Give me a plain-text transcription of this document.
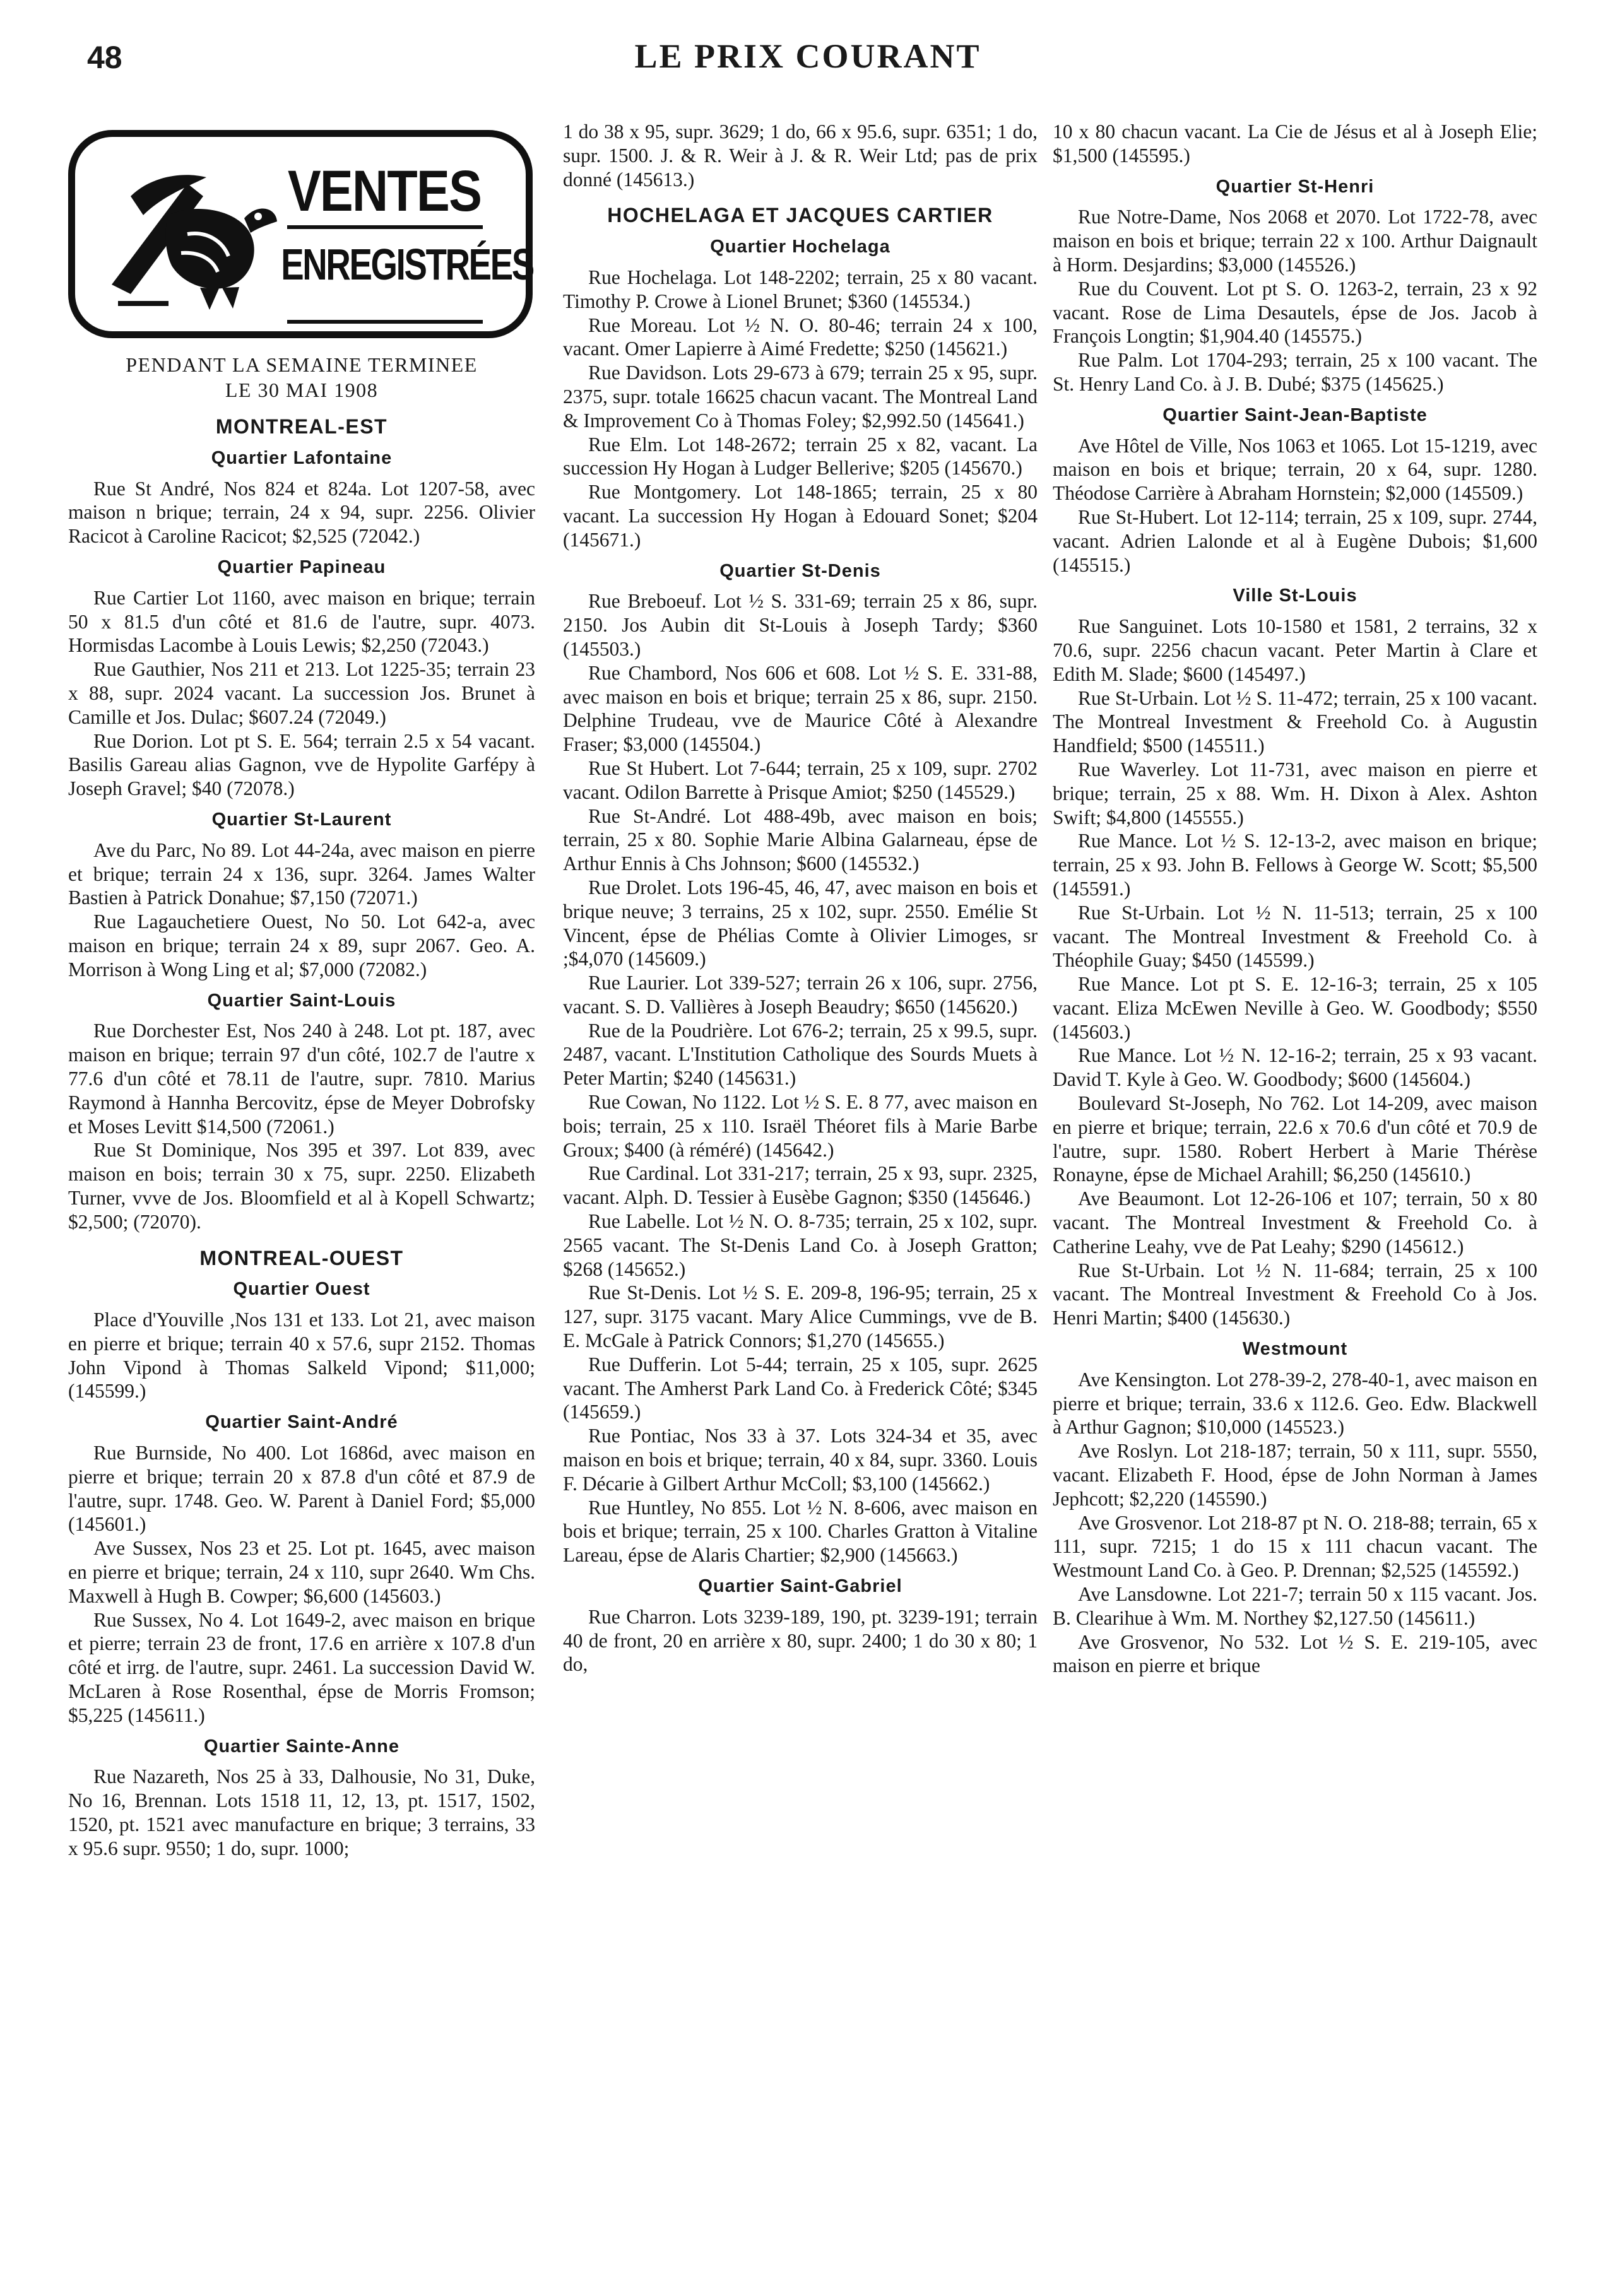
48	LE PRIX COURANT
VENTES
ENREGISTRÉES
PENDANT LA SEMAINE TERMINEE
LE 30 MAI 1908
MONTREAL-EST
Quartier Lafontaine

Rue St André, Nos 824 et 824a. Lot 1207-58, avec maison n brique; terrain, 24 x 94, supr. 2256. Olivier Racicot à Caroline Racicot; $2,525 (72042.)

Quartier Papineau

Rue Cartier Lot 1160, avec maison en brique; terrain 50 x 81.5 d'un côté et 81.6 de l'autre, supr. 4073. Hormisdas Lacombe à Louis Lewis; $2,250 (72043.)

Rue Gauthier, Nos 211 et 213. Lot 1225-35; terrain 23 x 88, supr. 2024 vacant. La succession Jos. Brunet à Camille et Jos. Dulac; $607.24 (72049.)

Rue Dorion. Lot pt S. E. 564; terrain 2.5 x 54 vacant. Basilis Gareau alias Gagnon, vve de Hypolite Garfépy à Joseph Gravel; $40 (72078.)

Quartier St-Laurent

Ave du Parc, No 89. Lot 44-24a, avec maison en pierre et brique; terrain 24 x 136, supr. 3264. James Walter Bastien à Patrick Donahue; $7,150 (72071.)

Rue Lagauchetiere Ouest, No 50. Lot 642-a, avec maison en brique; terrain 24 x 89, supr 2067. Geo. A. Morrison à Wong Ling et al; $7,000 (72082.)

Quartier Saint-Louis

Rue Dorchester Est, Nos 240 à 248. Lot pt. 187, avec maison en brique; terrain 97 d'un côté, 102.7 de l'autre x 77.6 d'un côté et 78.11 de l'autre, supr. 7810. Marius Raymond à Hannha Bercovitz, épse de Meyer Dobrofsky et Moses Levitt $14,500 (72061.)

Rue St Dominique, Nos 395 et 397. Lot 839, avec maison en bois; terrain 30 x 75, supr. 2250. Elizabeth Turner, vvve de Jos. Bloomfield et al à Kopell Schwartz; $2,500; (72070).

MONTREAL-OUEST
Quartier Ouest

Place d'Youville ,Nos 131 et 133. Lot 21, avec maison en pierre et brique; terrain 40 x 57.6, supr 2152. Thomas John Vipond à Thomas Salkeld Vipond; $11,000; (145599.)

Quartier Saint-André

Rue Burnside, No 400. Lot 1686d, avec maison en pierre et brique; terrain 20 x 87.8 d'un côté et 87.9 de l'autre, supr. 1748. Geo. W. Parent à Daniel Ford; $5,000 (145601.)

Ave Sussex, Nos 23 et 25. Lot pt. 1645, avec maison en pierre et brique; terrain, 24 x 110, supr 2640. Wm Chs. Maxwell à Hugh B. Cowper; $6,600 (145603.)

Rue Sussex, No 4. Lot 1649-2, avec maison en brique et pierre; terrain 23 de front, 17.6 en arrière x 107.8 d'un côté et irrg. de l'autre, supr. 2461. La succession David W. McLaren à Rose Rosenthal, épse de Morris Fromson; $5,225 (145611.)

Quartier Sainte-Anne

Rue Nazareth, Nos 25 à 33, Dalhousie, No 31, Duke, No 16, Brennan. Lots 1518 11, 12, 13, pt. 1517, 1502, 1520, pt. 1521 avec manufacture en brique; 3 terrains, 33 x 95.6 supr. 9550; 1 do, supr. 1000;

1 do 38 x 95, supr. 3629; 1 do, 66 x 95.6, supr. 6351; 1 do, supr. 1500. J. & R. Weir à J. & R. Weir Ltd; pas de prix donné (145613.)

HOCHELAGA ET JACQUES CARTIER
Quartier Hochelaga

Rue Hochelaga. Lot 148-2202; terrain, 25 x 80 vacant. Timothy P. Crowe à Lionel Brunet; $360 (145534.)

Rue Moreau. Lot ½ N. O. 80-46; terrain 24 x 100, vacant. Omer Lapierre à Aimé Fredette; $250 (145621.)

Rue Davidson. Lots 29-673 à 679; terrain 25 x 95, supr. 2375, supr. totale 16625 chacun vacant. The Montreal Land & Improvement Co à Thomas Foley; $2,992.50 (145641.)

Rue Elm. Lot 148-2672; terrain 25 x 82, vacant. La succession Hy Hogan à Ludger Bellerive; $205 (145670.)

Rue Montgomery. Lot 148-1865; terrain, 25 x 80 vacant. La succession Hy Hogan à Edouard Sonet; $204 (145671.)

Quartier St-Denis

Rue Breboeuf. Lot ½ S. 331-69; terrain 25 x 86, supr. 2150. Jos Aubin dit St-Louis à Joseph Tardy; $360 (145503.)

Rue Chambord, Nos 606 et 608. Lot ½ S. E. 331-88, avec maison en bois et brique; terrain 25 x 86, supr. 2150. Delphine Trudeau, vve de Maurice Côté à Alexandre Fraser; $3,000 (145504.)

Rue St Hubert. Lot 7-644; terrain, 25 x 109, supr. 2702 vacant. Odilon Barrette à Prisque Amiot; $250 (145529.)

Rue St-André. Lot 488-49b, avec maison en bois; terrain, 25 x 80. Sophie Marie Albina Galarneau, épse de Arthur Ennis à Chs Johnson; $600 (145532.)

Rue Drolet. Lots 196-45, 46, 47, avec maison en bois et brique neuve; 3 terrains, 25 x 102, supr. 2550. Emélie St Vincent, épse de Phélias Comte à Olivier Limoges, sr ;$4,070 (145609.)

Rue Laurier. Lot 339-527; terrain 26 x 106, supr. 2756, vacant. S. D. Vallières à Joseph Beaudry; $650 (145620.)

Rue de la Poudrière. Lot 676-2; terrain, 25 x 99.5, supr. 2487, vacant. L'Institution Catholique des Sourds Muets à Peter Martin; $240 (145631.)

Rue Cowan, No 1122. Lot ½ S. E. 8 77, avec maison en bois; terrain, 25 x 110. Israël Théoret fils à Marie Barbe Groux; $400 (à réméré) (145642.)

Rue Cardinal. Lot 331-217; terrain, 25 x 93, supr. 2325, vacant. Alph. D. Tessier à Eusèbe Gagnon; $350 (145646.)

Rue Labelle. Lot ½ N. O. 8-735; terrain, 25 x 102, supr. 2565 vacant. The St-Denis Land Co. à Joseph Gratton; $268 (145652.)

Rue St-Denis. Lot ½ S. E. 209-8, 196-95; terrain, 25 x 127, supr. 3175 vacant. Mary Alice Cummings, vve de B. E. McGale à Patrick Connors; $1,270 (145655.)

Rue Dufferin. Lot 5-44; terrain, 25 x 105, supr. 2625 vacant. The Amherst Park Land Co. à Frederick Côté; $345 (145659.)

Rue Pontiac, Nos 33 à 37. Lots 324-34 et 35, avec maison en bois et brique; terrain, 40 x 84, supr. 3360. Louis F. Décarie à Gilbert Arthur McColl; $3,100 (145662.)

Rue Huntley, No 855. Lot ½ N. 8-606, avec maison en bois et brique; terrain, 25 x 100. Charles Gratton à Vitaline Lareau, épse de Alaris Chartier; $2,900 (145663.)

Quartier Saint-Gabriel

Rue Charron. Lots 3239-189, 190, pt. 3239-191; terrain 40 de front, 20 en arrière x 80, supr. 2400; 1 do 30 x 80; 1 do,

10 x 80 chacun vacant. La Cie de Jésus et al à Joseph Elie; $1,500 (145595.)

Quartier St-Henri

Rue Notre-Dame, Nos 2068 et 2070. Lot 1722-78, avec maison en bois et brique; terrain 22 x 100. Arthur Daignault à Horm. Desjardins; $3,000 (145526.)

Rue du Couvent. Lot pt S. O. 1263-2, terrain, 23 x 92 vacant. Rose de Lima Desautels, épse de Jos. Jacob à François Longtin; $1,904.40 (145575.)

Rue Palm. Lot 1704-293; terrain, 25 x 100 vacant. The St. Henry Land Co. à J. B. Dubé; $375 (145625.)

Quartier Saint-Jean-Baptiste

Ave Hôtel de Ville, Nos 1063 et 1065. Lot 15-1219, avec maison en bois et brique; terrain, 20 x 64, supr. 1280. Théodose Carrière à Abraham Hornstein; $2,000 (145509.)

Rue St-Hubert. Lot 12-114; terrain, 25 x 109, supr. 2744, vacant. Adrien Lalonde et al à Eugène Dubois; $1,600 (145515.)

Ville St-Louis

Rue Sanguinet. Lots 10-1580 et 1581, 2 terrains, 32 x 70.6, supr. 2256 chacun vacant. Peter Martin à Clare et Edith M. Slade; $600 (145497.)

Rue St-Urbain. Lot ½ S. 11-472; terrain, 25 x 100 vacant. The Montreal Investment & Freehold Co. à Augustin Handfield; $500 (145511.)

Rue Waverley. Lot 11-731, avec maison en pierre et brique; terrain, 25 x 88. Wm. H. Dixon à Alex. Ashton Swift; $4,800 (145555.)

Rue Mance. Lot ½ S. 12-13-2, avec maison en brique; terrain, 25 x 93. John B. Fellows à George W. Scott; $5,500 (145591.)

Rue St-Urbain. Lot ½ N. 11-513; terrain, 25 x 100 vacant. The Montreal Investment & Freehold Co. à Théophile Guay; $450 (145599.)

Rue Mance. Lot pt S. E. 12-16-3; terrain, 25 x 105 vacant. Eliza McEwen Neville à Geo. W. Goodbody; $550 (145603.)

Rue Mance. Lot ½ N. 12-16-2; terrain, 25 x 93 vacant. David T. Kyle à Geo. W. Goodbody; $600 (145604.)

Boulevard St-Joseph, No 762. Lot 14-209, avec maison en pierre et brique; terrain, 22.6 x 70.6 d'un côté et 70.9 de l'autre, supr. 1580. Robert Herbert à Marie Thérèse Ronayne, épse de Michael Arahill; $6,250 (145610.)

Ave Beaumont. Lot 12-26-106 et 107; terrain, 50 x 80 vacant. The Montreal Investment & Freehold Co. à Catherine Leahy, vve de Pat Leahy; $290 (145612.)

Rue St-Urbain. Lot ½ N. 11-684; terrain, 25 x 100 vacant. The Montreal Investment & Freehold Co à Jos. Henri Martin; $400 (145630.)

Westmount

Ave Kensington. Lot 278-39-2, 278-40-1, avec maison en pierre et brique; terrain, 33.6 x 112.6. Geo. Edw. Blackwell à Arthur Gagnon; $10,000 (145523.)

Ave Roslyn. Lot 218-187; terrain, 50 x 111, supr. 5550, vacant. Elizabeth F. Hood, épse de John Norman à James Jephcott; $2,220 (145590.)

Ave Grosvenor. Lot 218-87 pt N. O. 218-88; terrain, 65 x 111, supr. 7215; 1 do 15 x 111 chacun vacant. The Westmount Land Co. à Geo. P. Drennan; $2,525 (145592.)

Ave Lansdowne. Lot 221-7; terrain 50 x 115 vacant. Jos. B. Clearihue à Wm. M. Northey $2,127.50 (145611.)

Ave Grosvenor, No 532. Lot ½ S. E. 219-105, avec maison en pierre et brique
